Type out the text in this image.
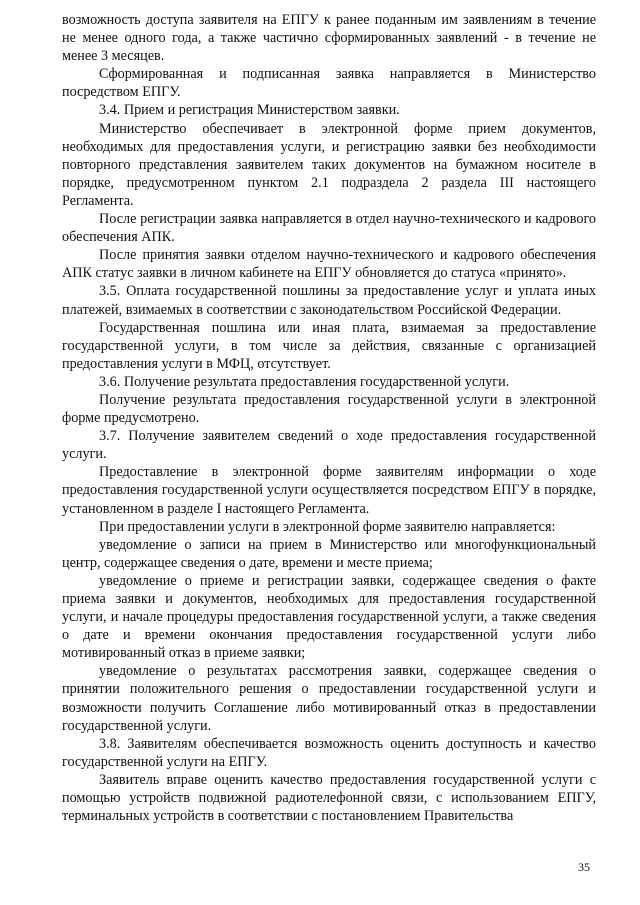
возможность доступа заявителя на ЕПГУ к ранее поданным им заявлениям в течение не менее одного года, а также частично сформированных заявлений - в течение не менее 3 месяцев.

Сформированная и подписанная заявка направляется в Министерство посредством ЕПГУ.

3.4. Прием и регистрация Министерством заявки.

Министерство обеспечивает в электронной форме прием документов, необходимых для предоставления услуги, и регистрацию заявки без необходимости повторного представления заявителем таких документов на бумажном носителе в порядке, предусмотренном пунктом 2.1 подраздела 2 раздела III настоящего Регламента.

После регистрации заявка направляется в отдел научно-технического и кадрового обеспечения АПК.

После принятия заявки отделом научно-технического и кадрового обеспечения АПК статус заявки в личном кабинете на ЕПГУ обновляется до статуса «принято».

3.5. Оплата государственной пошлины за предоставление услуг и уплата иных платежей, взимаемых в соответствии с законодательством Российской Федерации.

Государственная пошлина или иная плата, взимаемая за предоставление государственной услуги, в том числе за действия, связанные с организацией предоставления услуги в МФЦ, отсутствует.

3.6. Получение результата предоставления государственной услуги.

Получение результата предоставления государственной услуги в электронной форме предусмотрено.

3.7. Получение заявителем сведений о ходе предоставления государственной услуги.

Предоставление в электронной форме заявителям информации о ходе предоставления государственной услуги осуществляется посредством ЕПГУ в порядке, установленном в разделе I настоящего Регламента.

При предоставлении услуги в электронной форме заявителю направляется:

уведомление о записи на прием в Министерство или многофункциональный центр, содержащее сведения о дате, времени и месте приема;

уведомление о приеме и регистрации заявки, содержащее сведения о факте приема заявки и документов, необходимых для предоставления государственной услуги, и начале процедуры предоставления государственной услуги, а также сведения о дате и времени окончания предоставления государственной услуги либо мотивированный отказ в приеме заявки;

уведомление о результатах рассмотрения заявки, содержащее сведения о принятии положительного решения о предоставлении государственной услуги и возможности получить Соглашение либо мотивированный отказ в предоставлении государственной услуги.

3.8. Заявителям обеспечивается возможность оценить доступность и качество государственной услуги на ЕПГУ.

Заявитель вправе оценить качество предоставления государственной услуги с помощью устройств подвижной радиотелефонной связи, с использованием ЕПГУ, терминальных устройств в соответствии с постановлением Правительства

35
